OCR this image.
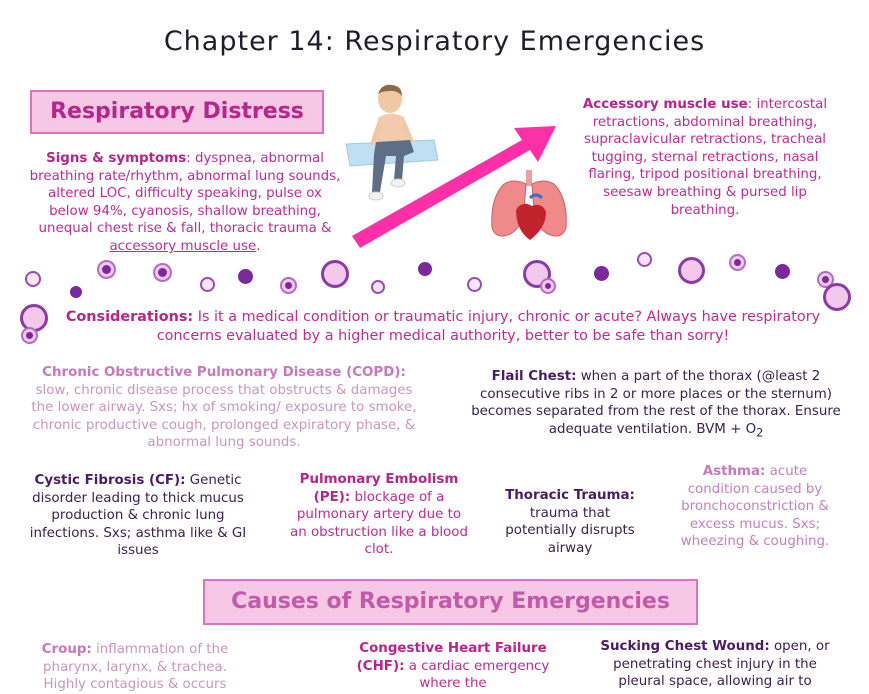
Chapter 14: Respiratory Emergencies
Respiratory Distress
Signs & symptoms: dyspnea, abnormal breathing rate/rhythm, abnormal lung sounds, altered LOC, difficulty speaking, pulse ox below 94%, cyanosis, shallow breathing, unequal chest rise & fall, thoracic trauma & accessory muscle use.
Accessory muscle use: intercostal retractions, abdominal breathing, supraclavicular retractions, tracheal tugging, sternal retractions, nasal flaring, tripod positional breathing, seesaw breathing & pursed lip breathing.
Considerations: Is it a medical condition or traumatic injury, chronic or acute? Always have respiratory concerns evaluated by a higher medical authority, better to be safe than sorry!
Chronic Obstructive Pulmonary Disease (COPD): slow, chronic disease process that obstructs & damages the lower airway. Sxs; hx of smoking/ exposure to smoke, chronic productive cough, prolonged expiratory phase, & abnormal lung sounds.
Flail Chest: when a part of the thorax (@least 2 consecutive ribs in 2 or more places or the sternum) becomes separated from the rest of the thorax. Ensure adequate ventilation. BVM + $O_2$
Cystic Fibrosis (CF): Genetic disorder leading to thick mucus production & chronic lung infections. Sxs; asthma like & GI issues
Pulmonary Embolism (PE): blockage of a pulmonary artery due to an obstruction like a blood clot.
Thoracic Trauma: trauma that potentially disrupts airway
Asthma: acute condition caused by bronchoconstriction & excess mucus. Sxs; wheezing & coughing.
Causes of Respiratory Emergencies
Croup: inflammation of the pharynx, larynx, & trachea. Highly contagious & occurs
Congestive Heart Failure (CHF): a cardiac emergency where the
Sucking Chest Wound: open, or penetrating chest injury in the pleural space, allowing air to
